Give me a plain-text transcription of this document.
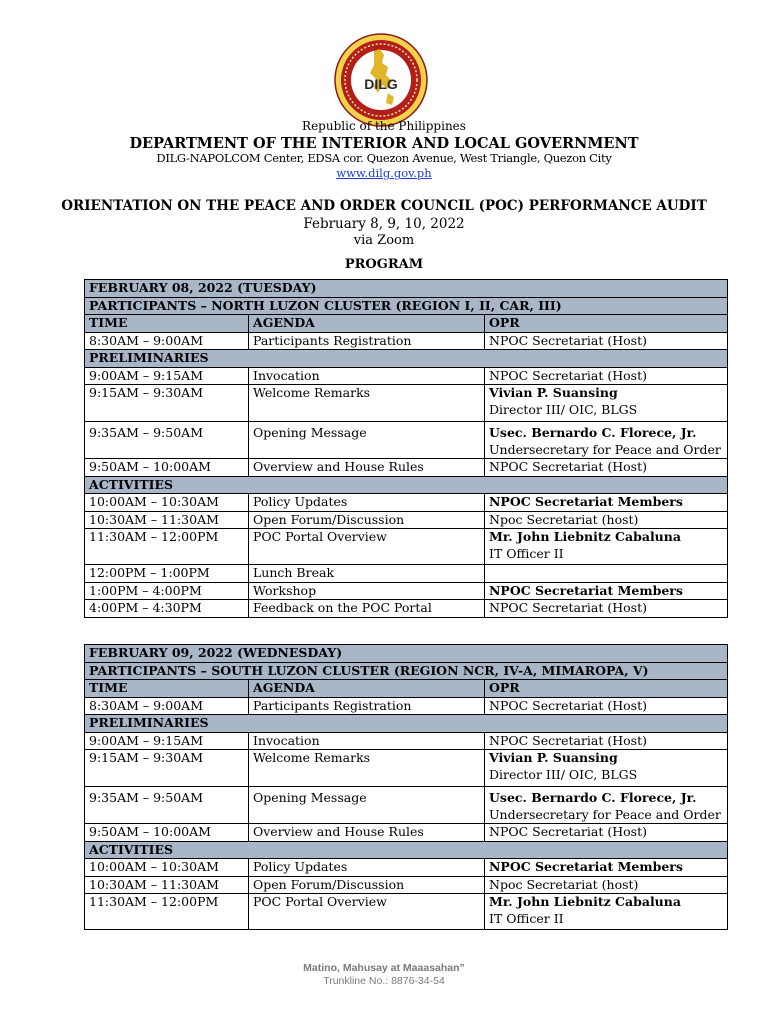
DILG
Republic of the Philippines
DEPARTMENT OF THE INTERIOR AND LOCAL GOVERNMENT
DILG-NAPOLCOM Center, EDSA cor. Quezon Avenue, West Triangle, Quezon City
www.dilg.gov.ph
ORIENTATION ON THE PEACE AND ORDER COUNCIL (POC) PERFORMANCE AUDIT
February 8, 9, 10, 2022
via Zoom
PROGRAM
FEBRUARY 08, 2022 (TUESDAY)		
PARTICIPANTS – NORTH LUZON CLUSTER (REGION I, II, CAR, III)		
TIME	AGENDA	OPR
8:30AM – 9:00AM	Participants Registration	NPOC Secretariat (Host)
PRELIMINARIES		
9:00AM – 9:15AM	Invocation	NPOC Secretariat (Host)
9:15AM – 9:30AM	Welcome Remarks	Vivian P. Suansing
Director III/ OIC, BLGS

9:35AM – 9:50AM	Opening Message	Usec. Bernardo C. Florece, Jr.
Undersecretary for Peace and Order

9:50AM – 10:00AM	Overview and House Rules	NPOC Secretariat (Host)
ACTIVITIES		
10:00AM – 10:30AM	Policy Updates	NPOC Secretariat Members
10:30AM – 11:30AM	Open Forum/Discussion	Npoc Secretariat (host)
11:30AM – 12:00PM	POC Portal Overview	Mr. John Liebnitz Cabaluna
IT Officer II

12:00PM – 1:00PM	Lunch Break	
1:00PM – 4:00PM	Workshop	NPOC Secretariat Members
4:00PM – 4:30PM	Feedback on the POC Portal	NPOC Secretariat (Host)
FEBRUARY 09, 2022 (WEDNESDAY)		
PARTICIPANTS – SOUTH LUZON CLUSTER (REGION NCR, IV-A, MIMAROPA, V)		
TIME	AGENDA	OPR
8:30AM – 9:00AM	Participants Registration	NPOC Secretariat (Host)
PRELIMINARIES		
9:00AM – 9:15AM	Invocation	NPOC Secretariat (Host)
9:15AM – 9:30AM	Welcome Remarks	Vivian P. Suansing
Director III/ OIC, BLGS

9:35AM – 9:50AM	Opening Message	Usec. Bernardo C. Florece, Jr.
Undersecretary for Peace and Order

9:50AM – 10:00AM	Overview and House Rules	NPOC Secretariat (Host)
ACTIVITIES		
10:00AM – 10:30AM	Policy Updates	NPOC Secretariat Members
10:30AM – 11:30AM	Open Forum/Discussion	Npoc Secretariat (host)
11:30AM – 12:00PM	POC Portal Overview	Mr. John Liebnitz Cabaluna
IT Officer II
Matino, Mahusay at Maaasahan”
Trunkline No.: 8876-34-54
